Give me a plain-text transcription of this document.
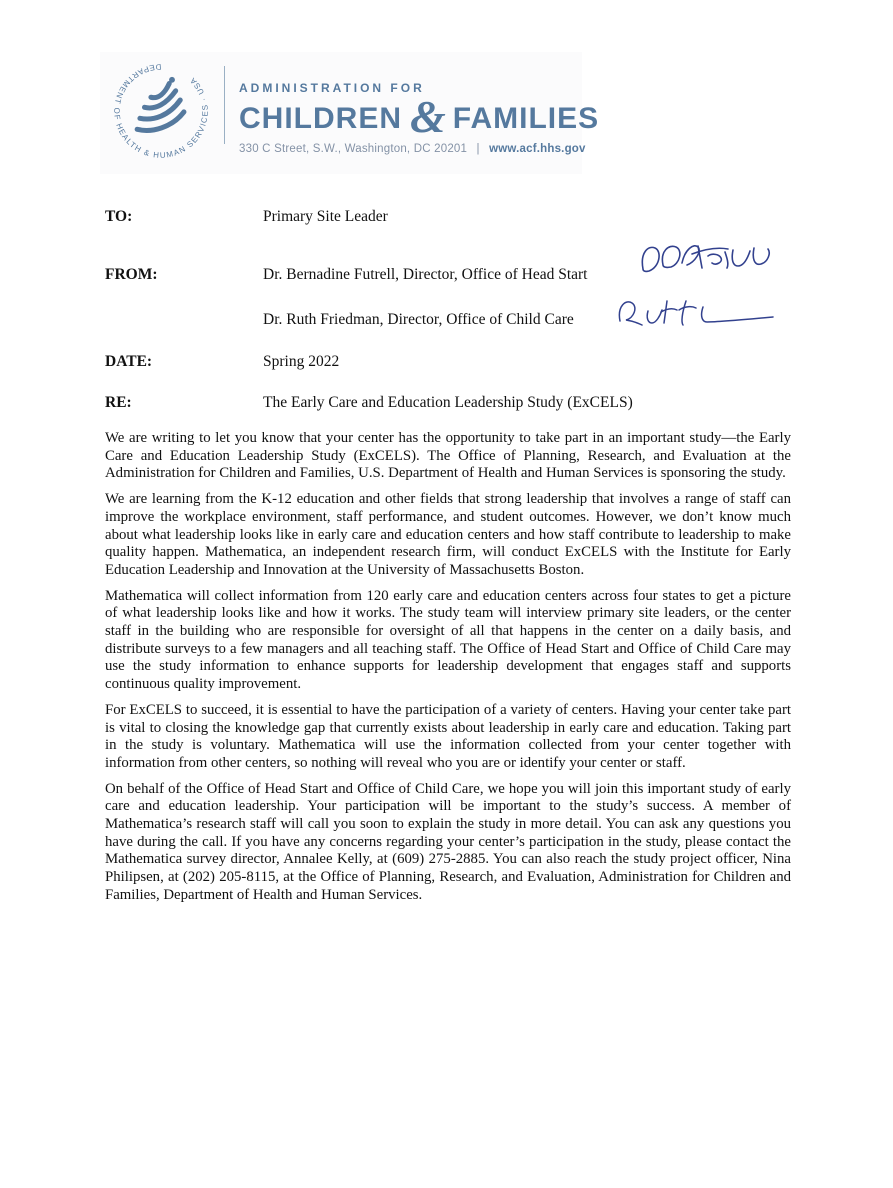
DEPARTMENT OF HEALTH & HUMAN SERVICES · USA
ADMINISTRATION FOR
CHILDREN & FAMILIES
330 C Street, S.W., Washington, DC 20201 | www.acf.hhs.gov
TO:	Primary Site Leader
FROM:	Dr. Bernadine Futrell, Director, Office of Head Start
Dr. Ruth Friedman, Director, Office of Child Care
DATE:	Spring 2022
RE:	The Early Care and Education Leadership Study (ExCELS)

We are writing to let you know that your center has the opportunity to take part in an important study—the Early Care and Education Leadership Study (ExCELS). The Office of Planning, Research, and Evaluation at the Administration for Children and Families, U.S. Department of Health and Human Services is sponsoring the study.

We are learning from the K-12 education and other fields that strong leadership that involves a range of staff can improve the workplace environment, staff performance, and student outcomes. However, we don’t know much about what leadership looks like in early care and education centers and how staff contribute to leadership to make quality happen. Mathematica, an independent research firm, will conduct ExCELS with the Institute for Early Education Leadership and Innovation at the University of Massachusetts Boston.

Mathematica will collect information from 120 early care and education centers across four states to get a picture of what leadership looks like and how it works. The study team will interview primary site leaders, or the center staff in the building who are responsible for oversight of all that happens in the center on a daily basis, and distribute surveys to a few managers and all teaching staff. The Office of Head Start and Office of Child Care may use the study information to enhance supports for leadership development that engages staff and supports continuous quality improvement.

For ExCELS to succeed, it is essential to have the participation of a variety of centers. Having your center take part is vital to closing the knowledge gap that currently exists about leadership in early care and education. Taking part in the study is voluntary. Mathematica will use the information collected from your center together with information from other centers, so nothing will reveal who you are or identify your center or staff.

On behalf of the Office of Head Start and Office of Child Care, we hope you will join this important study of early care and education leadership. Your participation will be important to the study’s success. A member of Mathematica’s research staff will call you soon to explain the study in more detail. You can ask any questions you have during the call. If you have any concerns regarding your center’s participation in the study, please contact the Mathematica survey director, Annalee Kelly, at (609) 275-2885. You can also reach the study project officer, Nina Philipsen, at (202) 205-8115, at the Office of Planning, Research, and Evaluation, Administration for Children and Families, Department of Health and Human Services.
